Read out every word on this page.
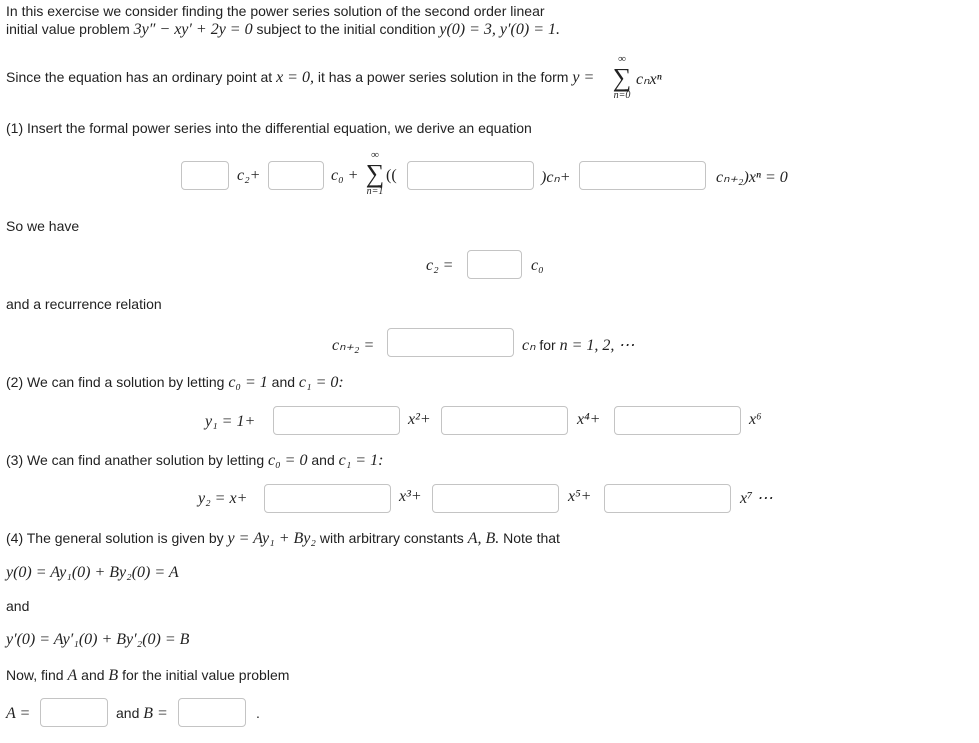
In this exercise we consider finding the power series solution of the second order linear
initial value problem 3y″ − xy′ + 2y = 0 subject to the initial condition y(0) = 3, y′(0) = 1.
Since the equation has an ordinary point at x = 0, it has a power series solution in the form y =
∞
∑
n=0
cₙxⁿ
(1) Insert the formal power series into the differential equation, we derive an equation
c₂+	c₀ +
∞
∑
n=1
((	)cₙ+	cₙ₊₂)xⁿ = 0
So we have
c₂ =	c₀
and a recurrence relation
cₙ₊₂ =	cₙ for n = 1, 2, ⋯
(2) We can find a solution by letting c₀ = 1 and c₁ = 0:
y₁ = 1+	x²+	x⁴+	x⁶
(3) We can find anather solution by letting c₀ = 0 and c₁ = 1:
y₂ = x+	x³+	x⁵+	x⁷ ⋯
(4) The general solution is given by y = Ay₁ + By₂ with arbitrary constants A, B. Note that
y(0) = Ay₁(0) + By₂(0) = A
and
y′(0) = Ay′₁(0) + By′₂(0) = B
Now, find A and B for the initial value problem
A =	and B =	.
